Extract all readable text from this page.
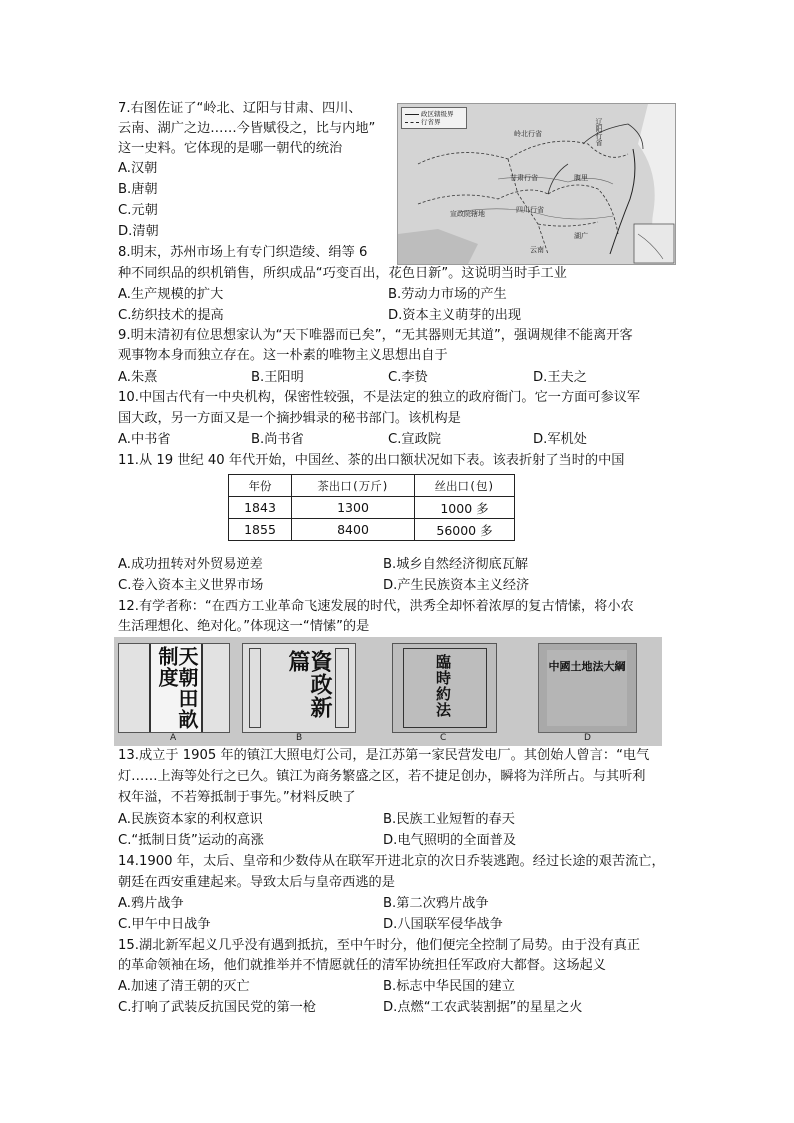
7.右图佐证了“岭北、辽阳与甘肃、四川、
云南、湖广之边……今皆赋役之，比与内地”
这一史料。它体现的是哪一朝代的统治
A.汉朝
B.唐朝
C.元朝
D.清朝
政区辖级界
行省界
岭北行省	辽阳行省
甘肃行省	腹里
宣政院辖地	四川行省
云南
湖广
8.明末，苏州市场上有专门织造绫、绢等 6
种不同织品的织机销售，所织成品“巧变百出，花色日新”。这说明当时手工业
A.生产规模的扩大	B.劳动力市场的产生
C.纺织技术的提高	D.资本主义萌芽的出现
9.明末清初有位思想家认为“天下唯器而已矣”，“无其器则无其道”，强调规律不能离开客
观事物本身而独立存在。这一朴素的唯物主义思想出自于
A.朱熹	B.王阳明	C.李贽	D.王夫之
10.中国古代有一中央机构，保密性较强，不是法定的独立的政府衙门。它一方面可参议军
国大政，另一方面又是一个摘抄辑录的秘书部门。该机构是
A.中书省	B.尚书省	C.宣政院	D.军机处
11.从 19 世纪 40 年代开始，中国丝、茶的出口额状况如下表。该表折射了当时的中国
年份	茶出口(万斤)	丝出口(包)
1843	1300	1000 多
1855	8400	56000 多
A.成功扭转对外贸易逆差	B.城乡自然经济彻底瓦解
C.卷入资本主义世界市场	D.产生民族资本主义经济
12.有学者称：“在西方工业革命飞速发展的时代，洪秀全却怀着浓厚的复古情愫，将小农
生活理想化、绝对化。”体现这一“情愫”的是
天朝田畝制度	資政新篇	臨時約法	中國土地法大綱
A	B	C	D
13.成立于 1905 年的镇江大照电灯公司，是江苏第一家民营发电厂。其创始人曾言：“电气
灯……上海等处行之已久。镇江为商务繁盛之区，若不捷足创办，瞬将为洋所占。与其听利
权年溢，不若筹抵制于事先。”材料反映了
A.民族资本家的利权意识	B.民族工业短暂的春天
C.“抵制日货”运动的高涨	D.电气照明的全面普及
14.1900 年，太后、皇帝和少数侍从在联军开进北京的次日乔装逃跑。经过长途的艰苦流亡，
朝廷在西安重建起来。导致太后与皇帝西逃的是
A.鸦片战争	B.第二次鸦片战争
C.甲午中日战争	D.八国联军侵华战争
15.湖北新军起义几乎没有遇到抵抗，至中午时分，他们便完全控制了局势。由于没有真正
的革命领袖在场，他们就推举并不情愿就任的清军协统担任军政府大都督。这场起义
A.加速了清王朝的灭亡	B.标志中华民国的建立
C.打响了武装反抗国民党的第一枪	D.点燃“工农武装割据”的星星之火
